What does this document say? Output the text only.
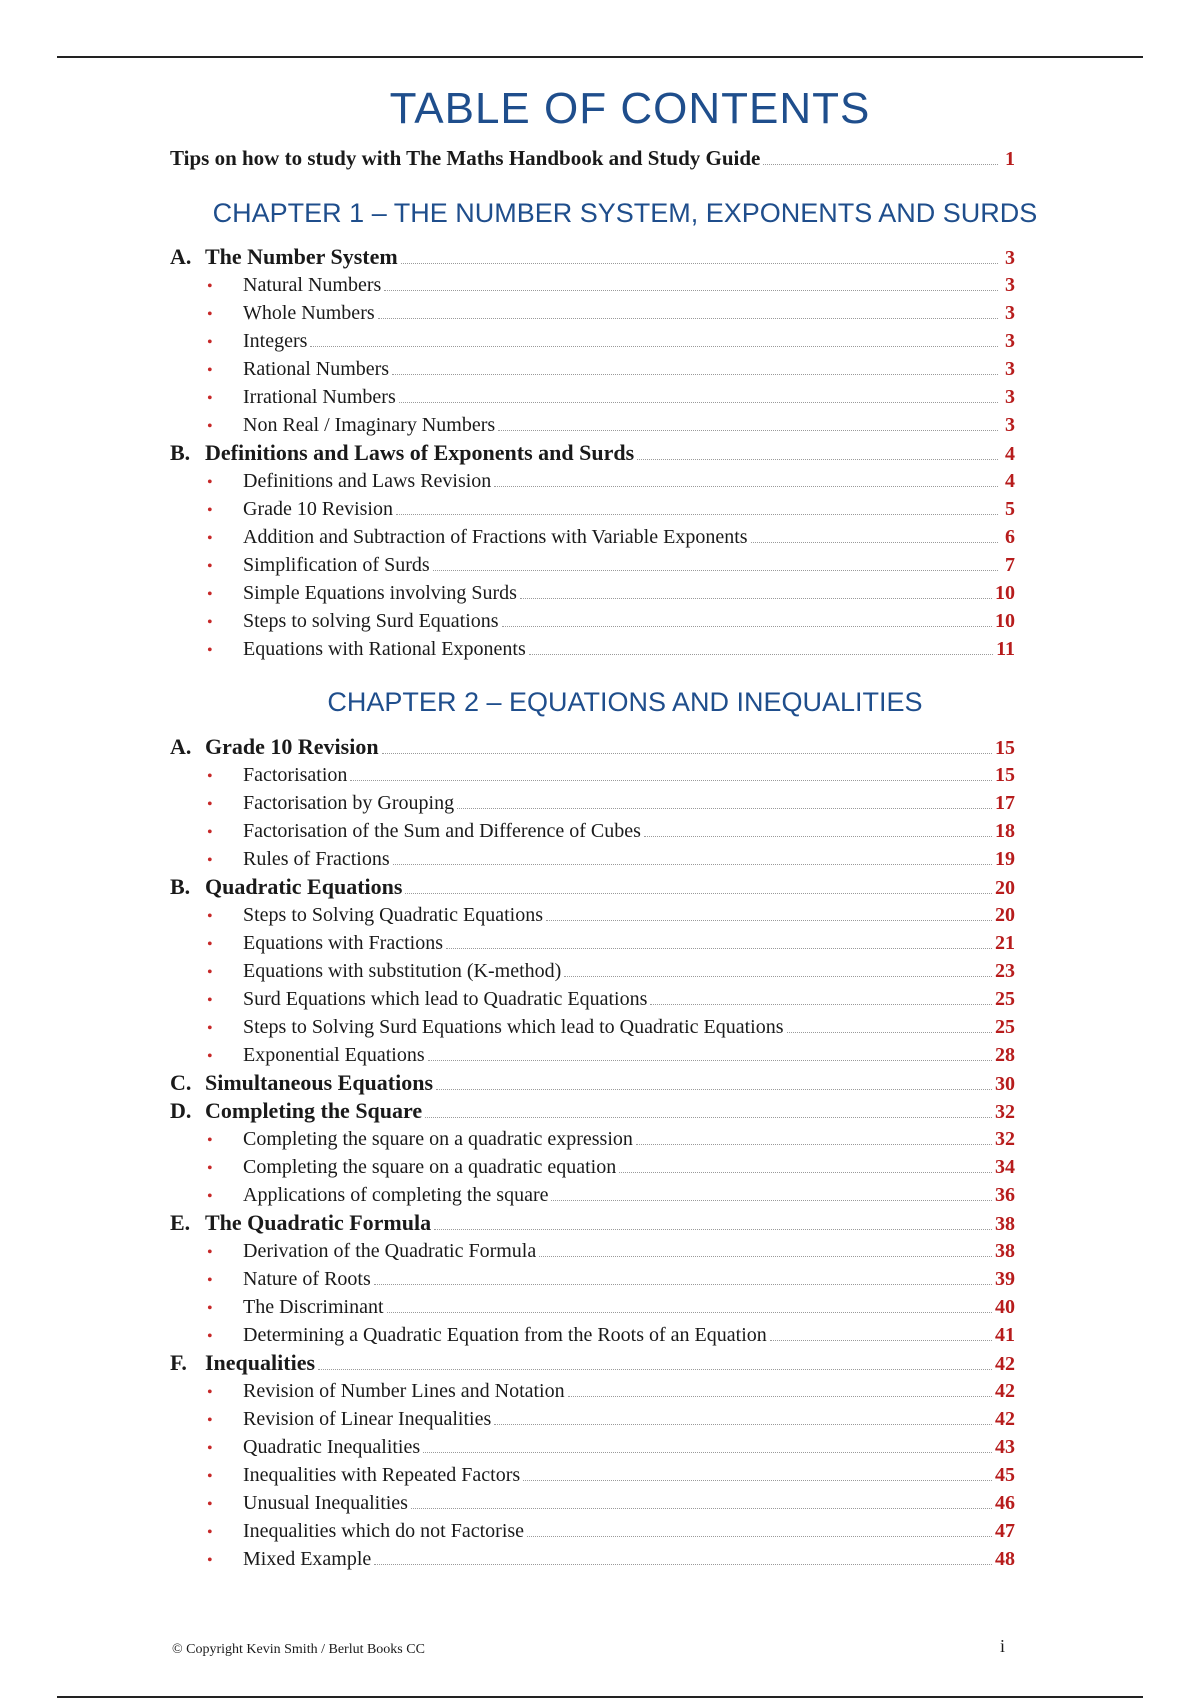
TABLE OF CONTENTS
Tips on how to study with The Maths Handbook and Study Guide	1
CHAPTER 1 – THE NUMBER SYSTEM, EXPONENTS AND SURDS
A. The Number System	3
•	Natural Numbers	3
•	Whole Numbers	3
•	Integers	3
•	Rational Numbers	3
•	Irrational Numbers	3
•	Non Real / Imaginary Numbers	3
B. Definitions and Laws of Exponents and Surds	4
•	Definitions and Laws Revision	4
•	Grade 10 Revision	5
•	Addition and Subtraction of Fractions with Variable Exponents	6
•	Simplification of Surds	7
•	Simple Equations involving Surds	10
•	Steps to solving Surd Equations	10
•	Equations with Rational Exponents	11
CHAPTER 2 – EQUATIONS AND INEQUALITIES
A. Grade 10 Revision	15
•	Factorisation	15
•	Factorisation by Grouping	17
•	Factorisation of the Sum and Difference of Cubes	18
•	Rules of Fractions	19
B. Quadratic Equations	20
•	Steps to Solving Quadratic Equations	20
•	Equations with Fractions	21
•	Equations with substitution (K-method)	23
•	Surd Equations which lead to Quadratic Equations	25
•	Steps to Solving Surd Equations which lead to Quadratic Equations	25
•	Exponential Equations	28
C. Simultaneous Equations	30
D. Completing the Square	32
•	Completing the square on a quadratic expression	32
•	Completing the square on a quadratic equation	34
•	Applications of completing the square	36
E. The Quadratic Formula	38
•	Derivation of the Quadratic Formula	38
•	Nature of Roots	39
•	The Discriminant	40
•	Determining a Quadratic Equation from the Roots of an Equation	41
F. Inequalities	42
•	Revision of Number Lines and Notation	42
•	Revision of Linear Inequalities	42
•	Quadratic Inequalities	43
•	Inequalities with Repeated Factors	45
•	Unusual Inequalities	46
•	Inequalities which do not Factorise	47
•	Mixed Example	48
© Copyright Kevin Smith / Berlut Books CC	i
